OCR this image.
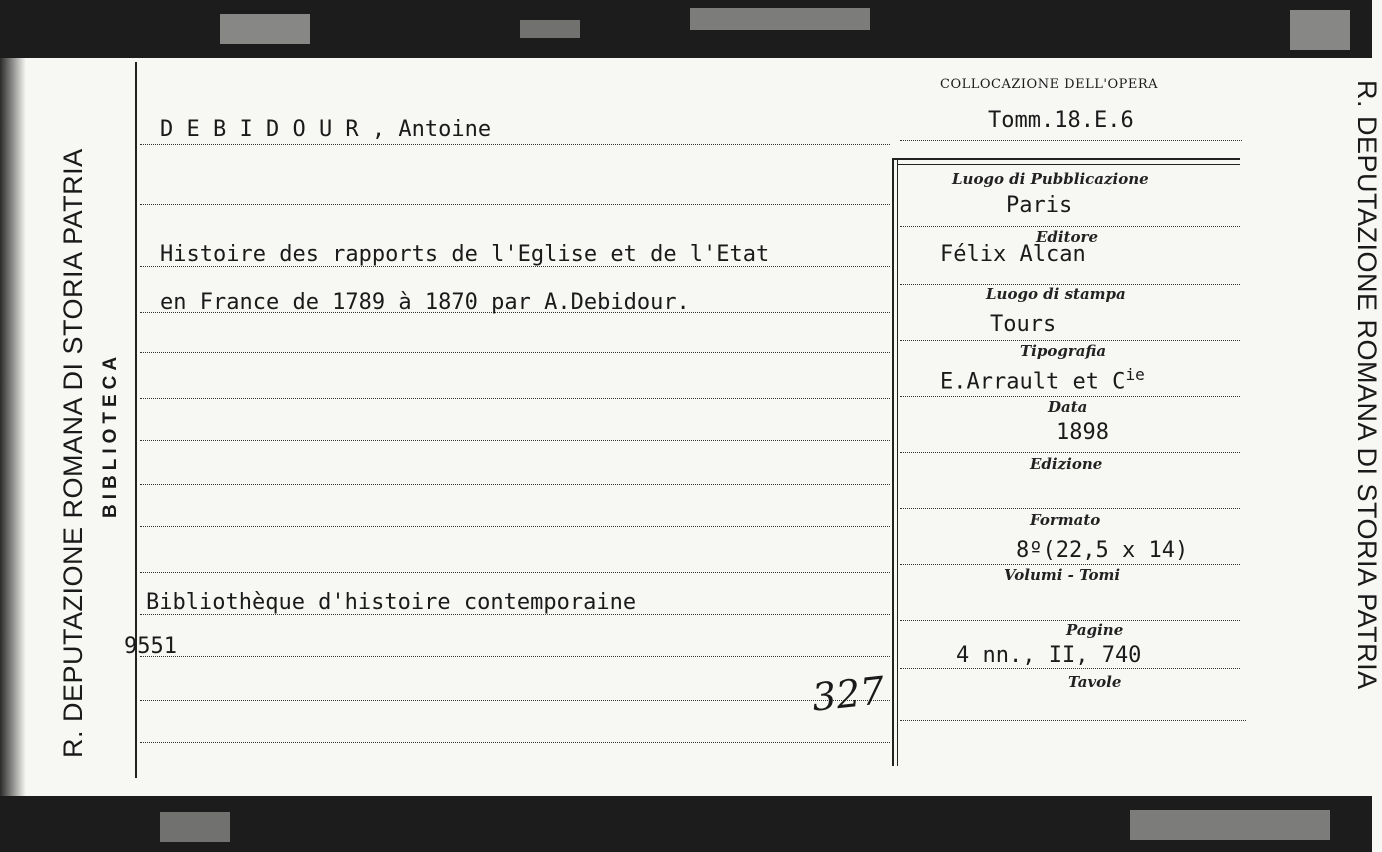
R. DEPUTAZIONE ROMANA DI STORIA PATRIA BIBLIOTECA	R. DEPUTAZIONE ROMANA DI STORIA PATRIA
COLLOCAZIONE DELL'OPERA
Tomm.18.E.6
D E B I D O U R , Antoine
Histoire des rapports de l'Eglise et de l'Etat
en France de 1789 à 1870 par A.Debidour.
Bibliothèque d'histoire contemporaine
9551
327
Luogo di Pubblicazione
Paris
Editore
Félix Alcan
Luogo di stampa
Tours
Tipografia
E.Arrault et $C^{ie}$
Data
1898
Edizione
Formato
8º(22,5 x 14)
Volumi - Tomi
Pagine
4 nn., II, 740
Tavole
